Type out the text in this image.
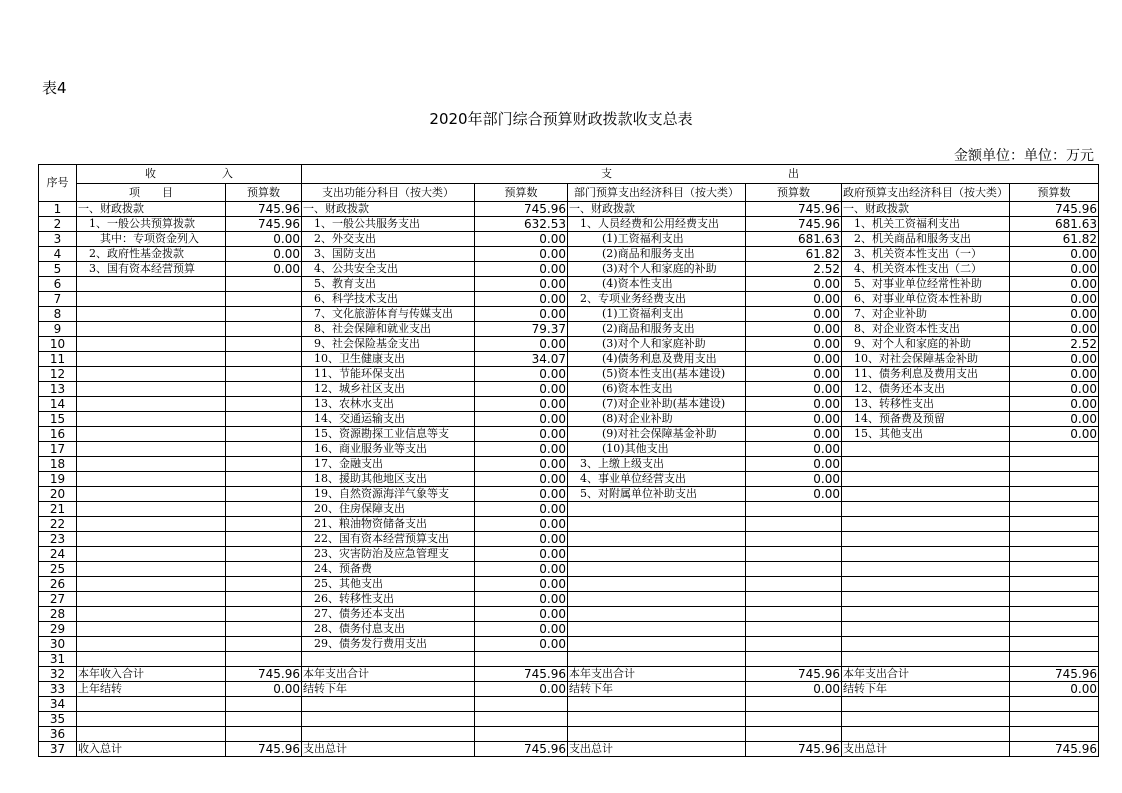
表4
2020年部门综合预算财政拨款收支总表
金额单位：单位：万元
序号	收　　　　　　入		支　　　　　　　　　　　　　　　　出					
	项　　目	预算数	支出功能分科目（按大类）	预算数	部门预算支出经济科目（按大类）	预算数	政府预算支出经济科目（按大类）	预算数
1	一、财政拨款	745.96	一、财政拨款	745.96	一、财政拨款	745.96	一、财政拨款	745.96
2	　1、一般公共预算拨款	745.96	　1、一般公共服务支出	632.53	　1、人员经费和公用经费支出	745.96	　1、机关工资福利支出	681.63
3	　　其中：专项资金列入	0.00	　2、外交支出	0.00	　　　(1)工资福利支出	681.63	　2、机关商品和服务支出	61.82
4	　2、政府性基金拨款	0.00	　3、国防支出	0.00	　　　(2)商品和服务支出	61.82	　3、机关资本性支出（一）	0.00
5	　3、国有资本经营预算	0.00	　4、公共安全支出	0.00	　　　(3)对个人和家庭的补助	2.52	　4、机关资本性支出（二）	0.00
6			　5、教育支出	0.00	　　　(4)资本性支出	0.00	　5、对事业单位经常性补助	0.00
7			　6、科学技术支出	0.00	　2、专项业务经费支出	0.00	　6、对事业单位资本性补助	0.00
8			　7、文化旅游体育与传媒支出	0.00	　　　(1)工资福利支出	0.00	　7、对企业补助	0.00
9			　8、社会保障和就业支出	79.37	　　　(2)商品和服务支出	0.00	　8、对企业资本性支出	0.00
10			　9、社会保险基金支出	0.00	　　　(3)对个人和家庭补助	0.00	　9、对个人和家庭的补助	2.52
11			　10、卫生健康支出	34.07	　　　(4)债务利息及费用支出	0.00	　10、对社会保障基金补助	0.00
12			　11、节能环保支出	0.00	　　　(5)资本性支出(基本建设)	0.00	　11、债务利息及费用支出	0.00
13			　12、城乡社区支出	0.00	　　　(6)资本性支出	0.00	　12、债务还本支出	0.00
14			　13、农林水支出	0.00	　　　(7)对企业补助(基本建设)	0.00	　13、转移性支出	0.00
15			　14、交通运输支出	0.00	　　　(8)对企业补助	0.00	　14、预备费及预留	0.00
16			　15、资源勘探工业信息等支	0.00	　　　(9)对社会保障基金补助	0.00	　15、其他支出	0.00
17			　16、商业服务业等支出	0.00	　　　(10)其他支出	0.00		
18			　17、金融支出	0.00	　3、上缴上级支出	0.00		
19			　18、援助其他地区支出	0.00	　4、事业单位经营支出	0.00		
20			　19、自然资源海洋气象等支	0.00	　5、对附属单位补助支出	0.00		
21			　20、住房保障支出	0.00				
22			　21、粮油物资储备支出	0.00				
23			　22、国有资本经营预算支出	0.00				
24			　23、灾害防治及应急管理支	0.00				
25			　24、预备费	0.00				
26			　25、其他支出	0.00				
27			　26、转移性支出	0.00				
28			　27、债务还本支出	0.00				
29			　28、债务付息支出	0.00				
30			　29、债务发行费用支出	0.00				
31								
32	本年收入合计	745.96	本年支出合计	745.96	本年支出合计	745.96	本年支出合计	745.96
33	上年结转	0.00	结转下年	0.00	结转下年	0.00	结转下年	0.00
34								
35								
36								
37	收入总计	745.96	支出总计	745.96	支出总计	745.96	支出总计	745.96
